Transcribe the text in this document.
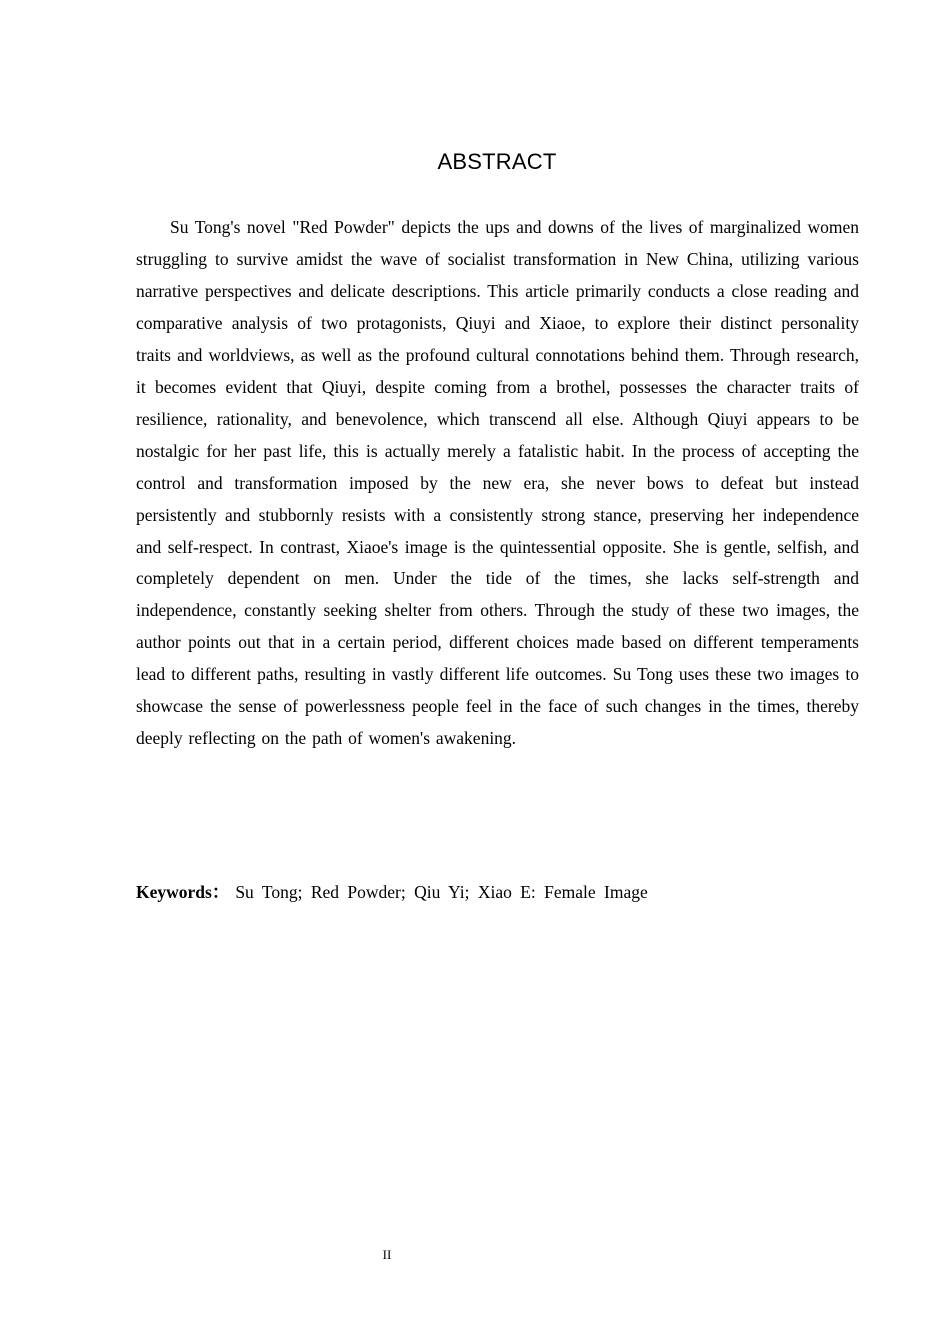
ABSTRACT

Su Tong's novel "Red Powder" depicts the ups and downs of the lives of marginalized women struggling to survive amidst the wave of socialist transformation in New China, utilizing various narrative perspectives and delicate descriptions. This article primarily conducts a close reading and comparative analysis of two protagonists, Qiuyi and Xiaoe, to explore their distinct personality traits and worldviews, as well as the profound cultural connotations behind them. Through research, it becomes evident that Qiuyi, despite coming from a brothel, possesses the character traits of resilience, rationality, and benevolence, which transcend all else. Although Qiuyi appears to be nostalgic for her past life, this is actually merely a fatalistic habit. In the process of accepting the control and transformation imposed by the new era, she never bows to defeat but instead persistently and stubbornly resists with a consistently strong stance, preserving her independence and self-respect. In contrast, Xiaoe's image is the quintessential opposite. She is gentle, selfish, and completely dependent on men. Under the tide of the times, she lacks self-strength and independence, constantly seeking shelter from others. Through the study of these two images, the author points out that in a certain period, different choices made based on different temperaments lead to different paths, resulting in vastly different life outcomes. Su Tong uses these two images to showcase the sense of powerlessness people feel in the face of such changes in the times, thereby deeply reflecting on the path of women's awakening.

Keywords： Su Tong; Red Powder; Qiu Yi; Xiao E: Female Image
II
